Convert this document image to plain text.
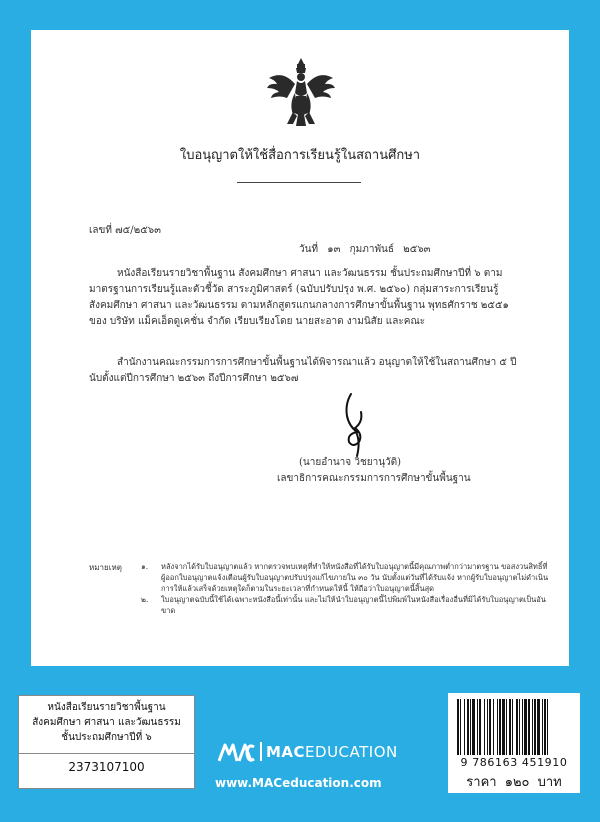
ใบอนุญาตให้ใช้สื่อการเรียนรู้ในสถานศึกษา
เลขที่ ๗๕/๒๕๖๓
วันที่ ๑๓ กุมภาพันธ์ ๒๕๖๓
หนังสือเรียนรายวิชาพื้นฐาน สังคมศึกษา ศาสนา และวัฒนธรรม ชั้นประถมศึกษาปีที่ ๖ ตามมาตรฐานการเรียนรู้และตัวชี้วัด สาระภูมิศาสตร์ (ฉบับปรับปรุง พ.ศ. ๒๕๖๐) กลุ่มสาระการเรียนรู้สังคมศึกษา ศาสนา และวัฒนธรรม ตามหลักสูตรแกนกลางการศึกษาขั้นพื้นฐาน พุทธศักราช ๒๕๕๑ ของ บริษัท แม็คเอ็ดดูเคชั่น จำกัด เรียบเรียงโดย นายสะอาด งามนิสัย และคณะ
สำนักงานคณะกรรมการการศึกษาขั้นพื้นฐานได้พิจารณาแล้ว อนุญาตให้ใช้ในสถานศึกษา ๕ ปี นับตั้งแต่ปีการศึกษา ๒๕๖๓ ถึงปีการศึกษา ๒๕๖๗
(นายอำนาจ วิชยานุวัติ)
เลขาธิการคณะกรรมการการศึกษาขั้นพื้นฐาน
หมายเหตุ	๑. หลังจากได้รับใบอนุญาตแล้ว หากตรวจพบเหตุที่ทำให้หนังสือที่ได้รับใบอนุญาตนี้มีคุณภาพต่ำกว่ามาตรฐาน ขอสงวนสิทธิ์ที่ผู้ออกใบอนุญาตแจ้งเตือนผู้รับใบอนุญาตปรับปรุงแก้ไขภายใน ๓๐ วัน นับตั้งแต่วันที่ได้รับแจ้ง หากผู้รับใบอนุญาตไม่ดำเนินการให้แล้วเสร็จด้วยเหตุใดก็ตามในระยะเวลาที่กำหนดให้นี้ ให้ถือว่าใบอนุญาตนี้สิ้นสุด
๒. ใบอนุญาตฉบับนี้ใช้ได้เฉพาะหนังสือนี้เท่านั้น และไม่ให้นำใบอนุญาตนี้ไปพิมพ์ในหนังสือเรื่องอื่นที่มิได้รับใบอนุญาตเป็นอันขาด
หนังสือเรียนรายวิชาพื้นฐาน
สังคมศึกษา ศาสนา และวัฒนธรรม
ชั้นประถมศึกษาปีที่ ๖
2373107100
MACEDUCATION
www.MACeducation.com
9 786163 451910
ราคา ๑๒๐ บาท
